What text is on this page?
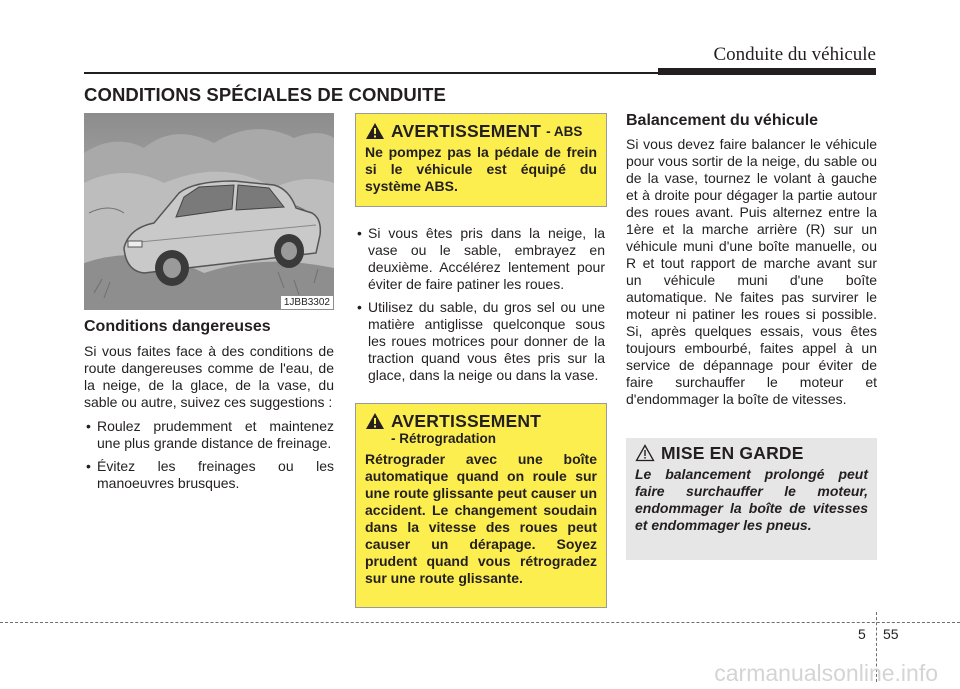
Conduite du véhicule
CONDITIONS SPÉCIALES DE CONDUITE
1JBB3302
Conditions dangereuses

Si vous faites face à des conditions de route dangereuses comme de l'eau, de la neige, de la glace, de la vase, du sable ou autre, suivez ces suggestions :

• Roulez prudemment et maintenez une plus grande distance de freinage.
• Évitez les freinages ou les manoeuvres brusques.
AVERTISSEMENT - ABS

Ne pompez pas la pédale de frein si le véhicule est équipé du système ABS.

• Si vous êtes pris dans la neige, la vase ou le sable, embrayez en deuxième. Accélérez lentement pour éviter de faire patiner les roues.
• Utilisez du sable, du gros sel ou une matière antiglisse quelconque sous les roues motrices pour donner de la traction quand vous êtes pris sur la glace, dans la neige ou dans la vase.
AVERTISSEMENT
- Rétrogradation

Rétrograder avec une boîte automatique quand on roule sur une route glissante peut causer un accident. Le changement soudain dans la vitesse des roues peut causer un dérapage. Soyez prudent quand vous rétrogradez sur une route glissante.

Balancement du véhicule

Si vous devez faire balancer le véhicule pour vous sortir de la neige, du sable ou de la vase, tournez le volant à gauche et à droite pour dégager la partie autour des roues avant. Puis alternez entre la 1ère et la marche arrière (R) sur un véhicule muni d'une boîte manuelle, ou R et tout rapport de marche avant sur un véhicule muni d'une boîte automatique. Ne faites pas survirer le moteur ni patiner les roues si possible. Si, après quelques essais, vous êtes toujours embourbé, faites appel à un service de dépannage pour éviter de faire surchauffer le moteur et d'endommager la boîte de vitesses.

MISE EN GARDE

Le balancement prolongé peut faire surchauffer le moteur, endommager la boîte de vitesses et endommager les pneus.

5 55
carmanualsonline.info
